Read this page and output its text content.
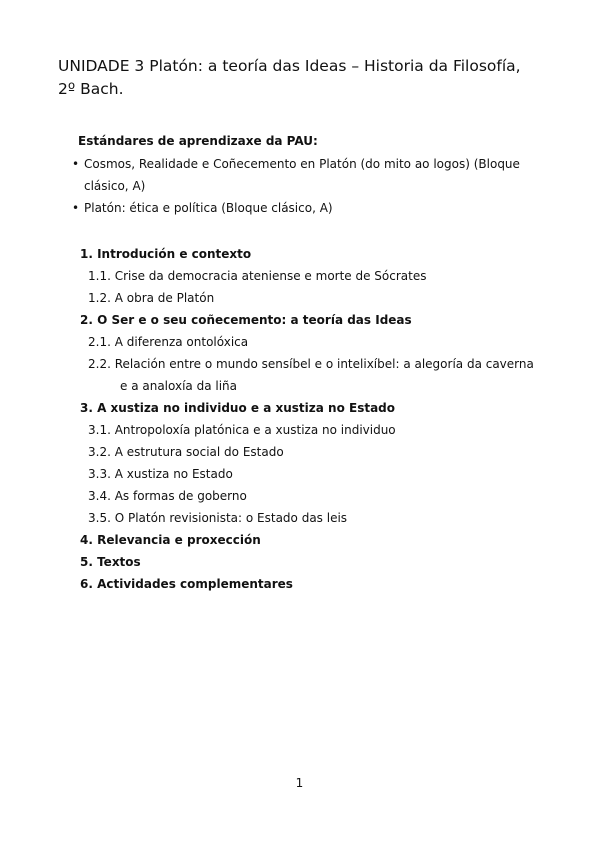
UNIDADE 3 Platón: a teoría das Ideas – Historia da Filosofía,
2º Bach.
Estándares de aprendizaxe da PAU:
• Cosmos, Realidade e Coñecemento en Platón (do mito ao logos) (Bloque
clásico, A)
• Platón: ética e política (Bloque clásico, A)
1. Introdución e contexto
1.1. Crise da democracia ateniense e morte de Sócrates
1.2. A obra de Platón
2. O Ser e o seu coñecemento: a teoría das Ideas
2.1. A diferenza ontolóxica
2.2. Relación entre o mundo sensíbel e o intelixíbel: a alegoría da caverna
e a analoxía da liña
3. A xustiza no individuo e a xustiza no Estado
3.1. Antropoloxía platónica e a xustiza no individuo
3.2. A estrutura social do Estado
3.3. A xustiza no Estado
3.4. As formas de goberno
3.5. O Platón revisionista: o Estado das leis
4. Relevancia e proxección
5. Textos
6. Actividades complementares
1
